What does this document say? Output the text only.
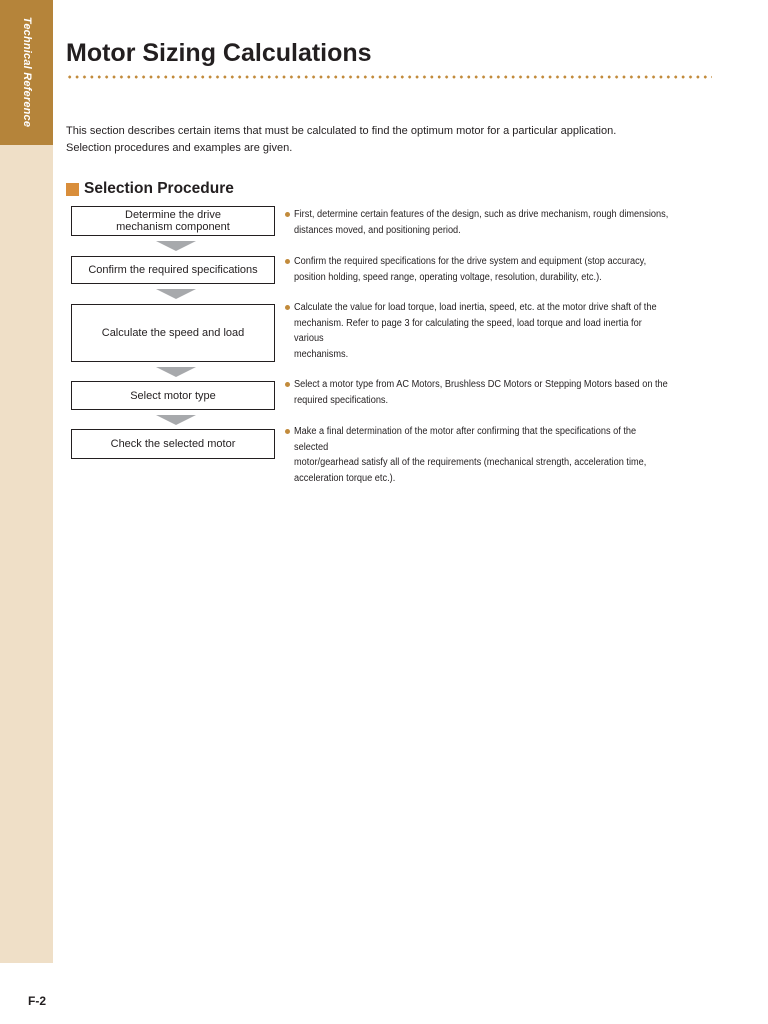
Technical Reference Motor Sizing Calculations

This section describes certain items that must be calculated to find the optimum motor for a particular application.

Selection procedures and examples are given.

Selection Procedure
Determine the drive
mechanism component
First, determine certain features of the design, such as drive mechanism, rough dimensions,
distances moved, and positioning period.
Confirm the required specifications
Confirm the required specifications for the drive system and equipment (stop accuracy,
position holding, speed range, operating voltage, resolution, durability, etc.).
Calculate the speed and load
Calculate the value for load torque, load inertia, speed, etc. at the motor drive shaft of the
mechanism. Refer to page 3 for calculating the speed, load torque and load inertia for various
mechanisms.
Select motor type
Select a motor type from AC Motors, Brushless DC Motors or Stepping Motors based on the
required specifications.
Check the selected motor
Make a final determination of the motor after confirming that the specifications of the selected
motor/gearhead satisfy all of the requirements (mechanical strength, acceleration time,
acceleration torque etc.).
F-2
